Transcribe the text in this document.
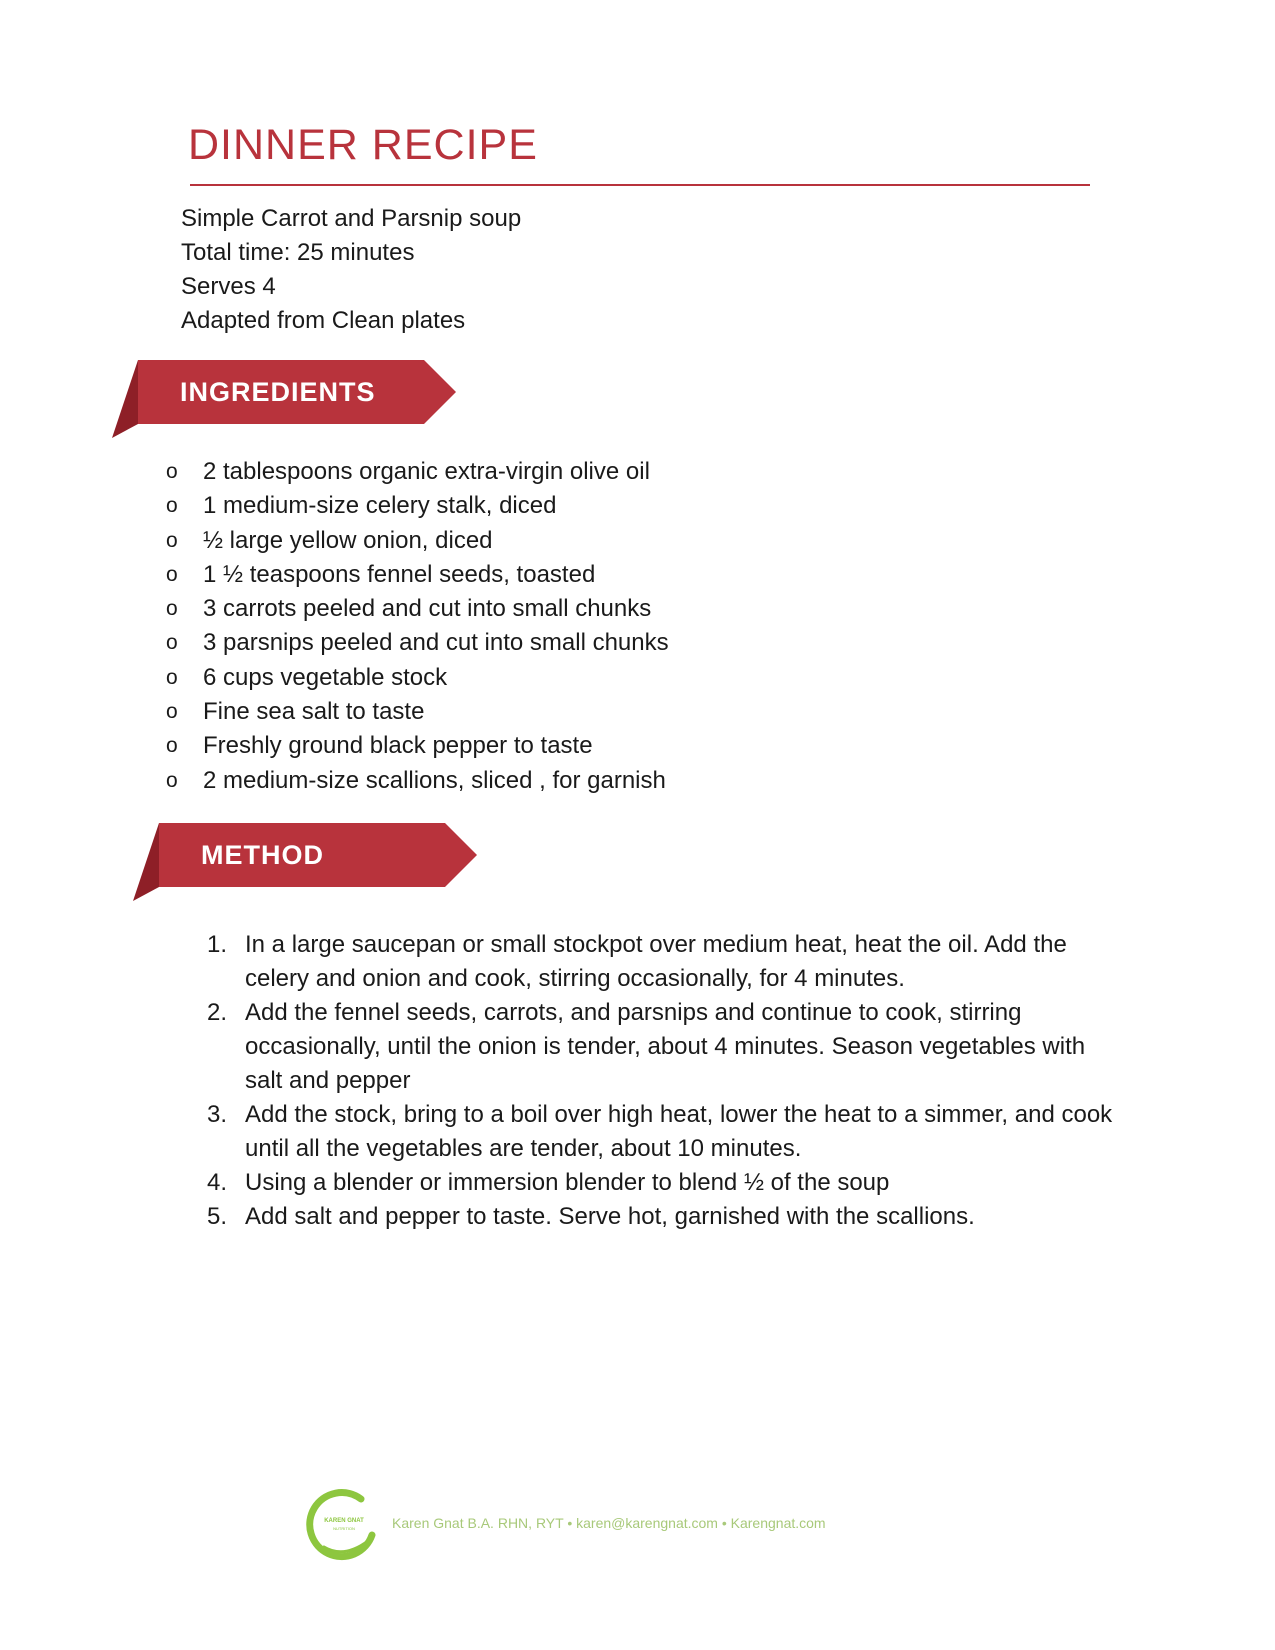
DINNER RECIPE
Simple Carrot and Parsnip soup
Total time: 25 minutes
Serves 4
Adapted from Clean plates
INGREDIENTS
o 2 tablespoons organic extra-virgin olive oil
o 1 medium-size celery stalk, diced
o ½ large yellow onion, diced
o 1 ½ teaspoons fennel seeds, toasted
o 3 carrots peeled and cut into small chunks
o 3 parsnips peeled and cut into small chunks
o 6 cups vegetable stock
o Fine sea salt to taste
o Freshly ground black pepper to taste
o 2 medium-size scallions, sliced , for garnish
METHOD
1. In a large saucepan or small stockpot over medium heat, heat the oil. Add the celery and onion and cook, stirring occasionally, for 4 minutes.
2. Add the fennel seeds, carrots, and parsnips and continue to cook, stirring occasionally, until the onion is tender, about 4 minutes. Season vegetables with salt and pepper
3. Add the stock, bring to a boil over high heat, lower the heat to a simmer, and cook until all the vegetables are tender, about 10 minutes.
4. Using a blender or immersion blender to blend ½ of the soup
5. Add salt and pepper to taste. Serve hot, garnished with the scallions.
KAREN GNAT
NUTRITION	Karen Gnat B.A. RHN, RYT • karen@karengnat.com • Karengnat.com
